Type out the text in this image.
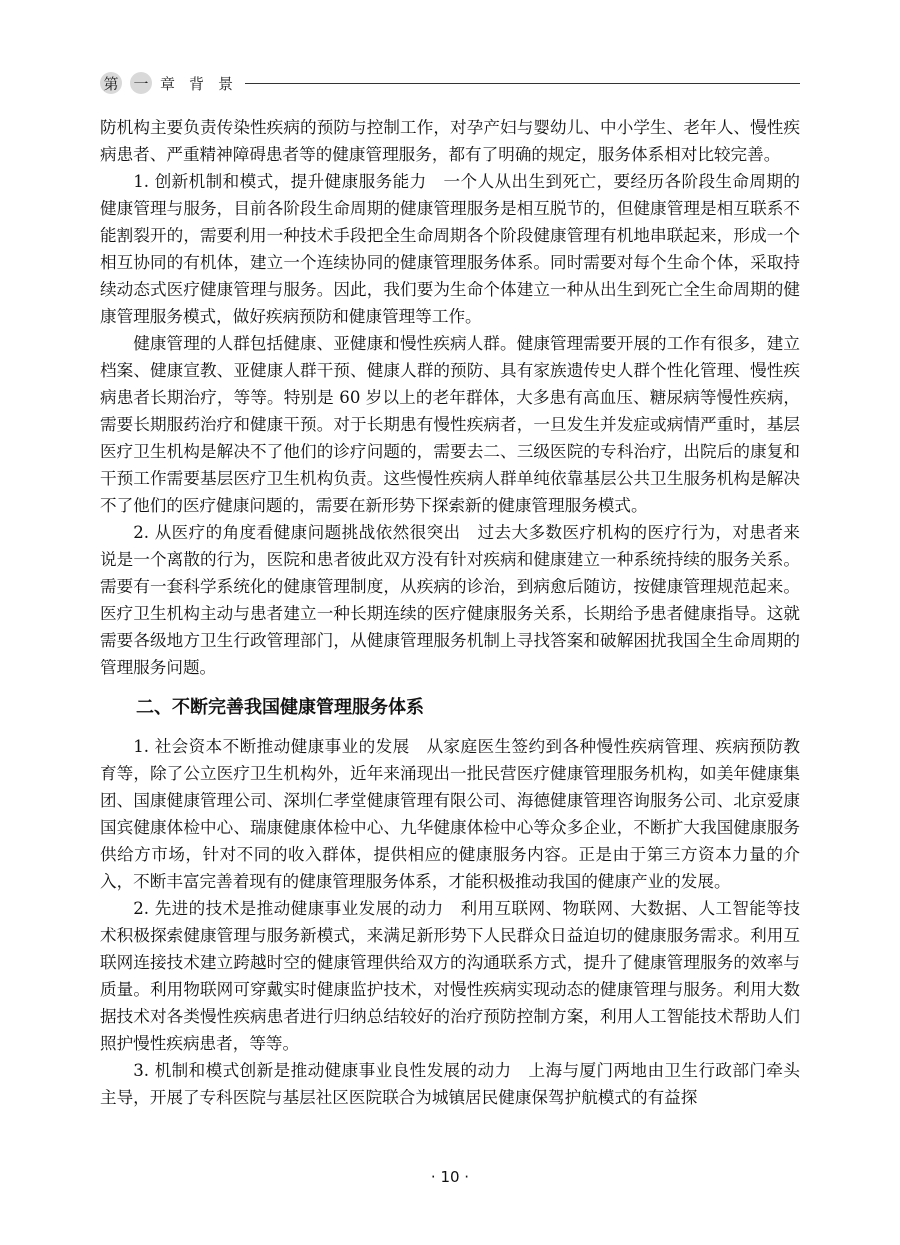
第 一 章 背 景

防机构主要负责传染性疾病的预防与控制工作，对孕产妇与婴幼儿、中小学生、老年人、慢性疾病患者、严重精神障碍患者等的健康管理服务，都有了明确的规定，服务体系相对比较完善。

1. 创新机制和模式，提升健康服务能力　一个人从出生到死亡，要经历各阶段生命周期的健康管理与服务，目前各阶段生命周期的健康管理服务是相互脱节的，但健康管理是相互联系不能割裂开的，需要利用一种技术手段把全生命周期各个阶段健康管理有机地串联起来，形成一个相互协同的有机体，建立一个连续协同的健康管理服务体系。同时需要对每个生命个体，采取持续动态式医疗健康管理与服务。因此，我们要为生命个体建立一种从出生到死亡全生命周期的健康管理服务模式，做好疾病预防和健康管理等工作。

健康管理的人群包括健康、亚健康和慢性疾病人群。健康管理需要开展的工作有很多，建立档案、健康宣教、亚健康人群干预、健康人群的预防、具有家族遗传史人群个性化管理、慢性疾病患者长期治疗，等等。特别是 60 岁以上的老年群体，大多患有高血压、糖尿病等慢性疾病，需要长期服药治疗和健康干预。对于长期患有慢性疾病者，一旦发生并发症或病情严重时，基层医疗卫生机构是解决不了他们的诊疗问题的，需要去二、三级医院的专科治疗，出院后的康复和干预工作需要基层医疗卫生机构负责。这些慢性疾病人群单纯依靠基层公共卫生服务机构是解决不了他们的医疗健康问题的，需要在新形势下探索新的健康管理服务模式。

2. 从医疗的角度看健康问题挑战依然很突出　过去大多数医疗机构的医疗行为，对患者来说是一个离散的行为，医院和患者彼此双方没有针对疾病和健康建立一种系统持续的服务关系。需要有一套科学系统化的健康管理制度，从疾病的诊治，到病愈后随访，按健康管理规范起来。医疗卫生机构主动与患者建立一种长期连续的医疗健康服务关系，长期给予患者健康指导。这就需要各级地方卫生行政管理部门，从健康管理服务机制上寻找答案和破解困扰我国全生命周期的管理服务问题。

二、不断完善我国健康管理服务体系

1. 社会资本不断推动健康事业的发展　从家庭医生签约到各种慢性疾病管理、疾病预防教育等，除了公立医疗卫生机构外，近年来涌现出一批民营医疗健康管理服务机构，如美年健康集团、国康健康管理公司、深圳仁孝堂健康管理有限公司、海德健康管理咨询服务公司、北京爱康国宾健康体检中心、瑞康健康体检中心、九华健康体检中心等众多企业，不断扩大我国健康服务供给方市场，针对不同的收入群体，提供相应的健康服务内容。正是由于第三方资本力量的介入，不断丰富完善着现有的健康管理服务体系，才能积极推动我国的健康产业的发展。

2. 先进的技术是推动健康事业发展的动力　利用互联网、物联网、大数据、人工智能等技术积极探索健康管理与服务新模式，来满足新形势下人民群众日益迫切的健康服务需求。利用互联网连接技术建立跨越时空的健康管理供给双方的沟通联系方式，提升了健康管理服务的效率与质量。利用物联网可穿戴实时健康监护技术，对慢性疾病实现动态的健康管理与服务。利用大数据技术对各类慢性疾病患者进行归纳总结较好的治疗预防控制方案，利用人工智能技术帮助人们照护慢性疾病患者，等等。

3. 机制和模式创新是推动健康事业良性发展的动力　上海与厦门两地由卫生行政部门牵头主导，开展了专科医院与基层社区医院联合为城镇居民健康保驾护航模式的有益探

· 10 ·
